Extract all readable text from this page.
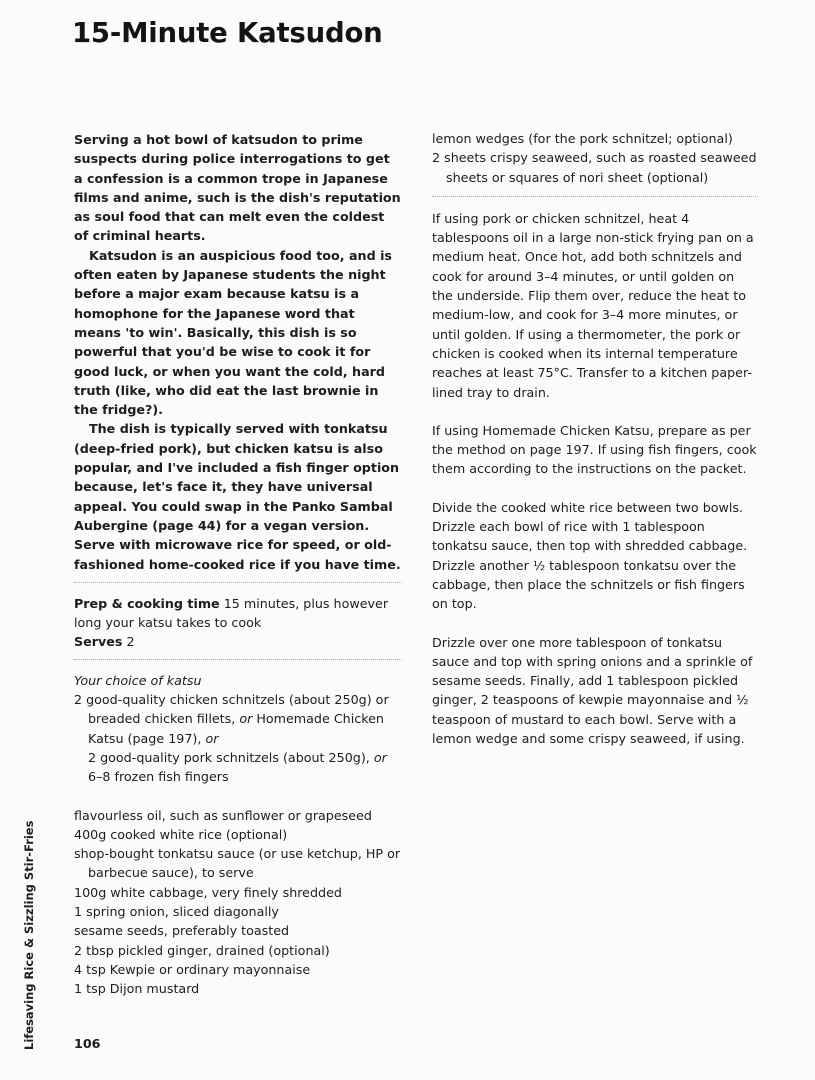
15-Minute Katsudon

Serving a hot bowl of katsudon to prime suspects during police interrogations to get a confession is a common trope in Japanese films and anime, such is the dish's reputation as soul food that can melt even the coldest of criminal hearts.

Katsudon is an auspicious food too, and is often eaten by Japanese students the night before a major exam because katsu is a homophone for the Japanese word that means 'to win'. Basically, this dish is so powerful that you'd be wise to cook it for good luck, or when you want the cold, hard truth (like, who did eat the last brownie in the fridge?).

The dish is typically served with tonkatsu (deep-fried pork), but chicken katsu is also popular, and I've included a fish finger option because, let's face it, they have universal appeal. You could swap in the Panko Sambal Aubergine (page 44) for a vegan version. Serve with microwave rice for speed, or old-fashioned home-cooked rice if you have time.

Prep & cooking time 15 minutes, plus however long your katsu takes to cook

Serves 2

Your choice of katsu

2 good-quality chicken schnitzels (about 250g) or breaded chicken fillets, or Homemade Chicken Katsu (page 197), or

2 good-quality pork schnitzels (about 250g), or 6–8 frozen fish fingers

flavourless oil, such as sunflower or grapeseed

400g cooked white rice (optional)

shop-bought tonkatsu sauce (or use ketchup, HP or barbecue sauce), to serve

100g white cabbage, very finely shredded

1 spring onion, sliced diagonally

sesame seeds, preferably toasted

2 tbsp pickled ginger, drained (optional)

4 tsp Kewpie or ordinary mayonnaise

1 tsp Dijon mustard

lemon wedges (for the pork schnitzel; optional)

2 sheets crispy seaweed, such as roasted seaweed sheets or squares of nori sheet (optional)

If using pork or chicken schnitzel, heat 4 tablespoons oil in a large non-stick frying pan on a medium heat. Once hot, add both schnitzels and cook for around 3–4 minutes, or until golden on the underside. Flip them over, reduce the heat to medium-low, and cook for 3–4 more minutes, or until golden. If using a thermometer, the pork or chicken is cooked when its internal temperature reaches at least 75°C. Transfer to a kitchen paper-lined tray to drain.

If using Homemade Chicken Katsu, prepare as per the method on page 197. If using fish fingers, cook them according to the instructions on the packet.

Divide the cooked white rice between two bowls. Drizzle each bowl of rice with 1 tablespoon tonkatsu sauce, then top with shredded cabbage. Drizzle another ½ tablespoon tonkatsu over the cabbage, then place the schnitzels or fish fingers on top.

Drizzle over one more tablespoon of tonkatsu sauce and top with spring onions and a sprinkle of sesame seeds. Finally, add 1 tablespoon pickled ginger, 2 teaspoons of kewpie mayonnaise and ½ teaspoon of mustard to each bowl. Serve with a lemon wedge and some crispy seaweed, if using.

Lifesaving Rice & Sizzling Stir-Fries	106
